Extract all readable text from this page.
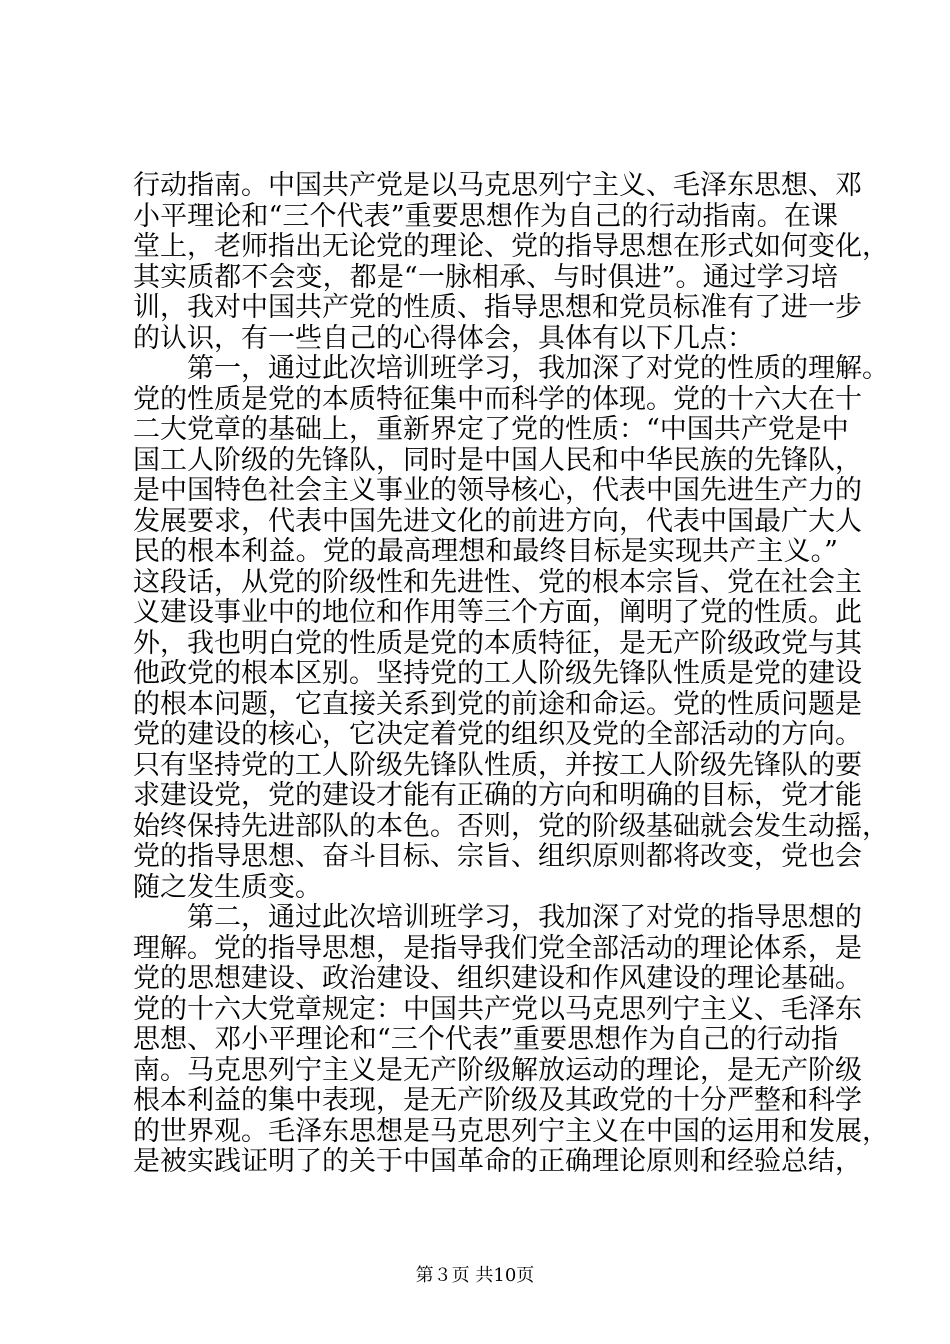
行动指南。中国共产党是以马克思列宁主义、毛泽东思想、邓
小平理论和“三个代表”重要思想作为自己的行动指南。在课
堂上，老师指出无论党的理论、党的指导思想在形式如何变化，
其实质都不会变，都是“一脉相承、与时俱进”。通过学习培
训，我对中国共产党的性质、指导思想和党员标准有了进一步
的认识，有一些自己的心得体会，具体有以下几点：
　　第一，通过此次培训班学习，我加深了对党的性质的理解。
党的性质是党的本质特征集中而科学的体现。党的十六大在十
二大党章的基础上，重新界定了党的性质：“中国共产党是中
国工人阶级的先锋队，同时是中国人民和中华民族的先锋队，
是中国特色社会主义事业的领导核心，代表中国先进生产力的
发展要求，代表中国先进文化的前进方向，代表中国最广大人
民的根本利益。党的最高理想和最终目标是实现共产主义。”
这段话，从党的阶级性和先进性、党的根本宗旨、党在社会主
义建设事业中的地位和作用等三个方面，阐明了党的性质。此
外，我也明白党的性质是党的本质特征，是无产阶级政党与其
他政党的根本区别。坚持党的工人阶级先锋队性质是党的建设
的根本问题，它直接关系到党的前途和命运。党的性质问题是
党的建设的核心，它决定着党的组织及党的全部活动的方向。
只有坚持党的工人阶级先锋队性质，并按工人阶级先锋队的要
求建设党，党的建设才能有正确的方向和明确的目标，党才能
始终保持先进部队的本色。否则，党的阶级基础就会发生动摇，
党的指导思想、奋斗目标、宗旨、组织原则都将改变，党也会
随之发生质变。
　　第二，通过此次培训班学习，我加深了对党的指导思想的
理解。党的指导思想，是指导我们党全部活动的理论体系，是
党的思想建设、政治建设、组织建设和作风建设的理论基础。
党的十六大党章规定：中国共产党以马克思列宁主义、毛泽东
思想、邓小平理论和“三个代表”重要思想作为自己的行动指
南。马克思列宁主义是无产阶级解放运动的理论，是无产阶级
根本利益的集中表现，是无产阶级及其政党的十分严整和科学
的世界观。毛泽东思想是马克思列宁主义在中国的运用和发展，
是被实践证明了的关于中国革命的正确理论原则和经验总结，
第３页 共10页
